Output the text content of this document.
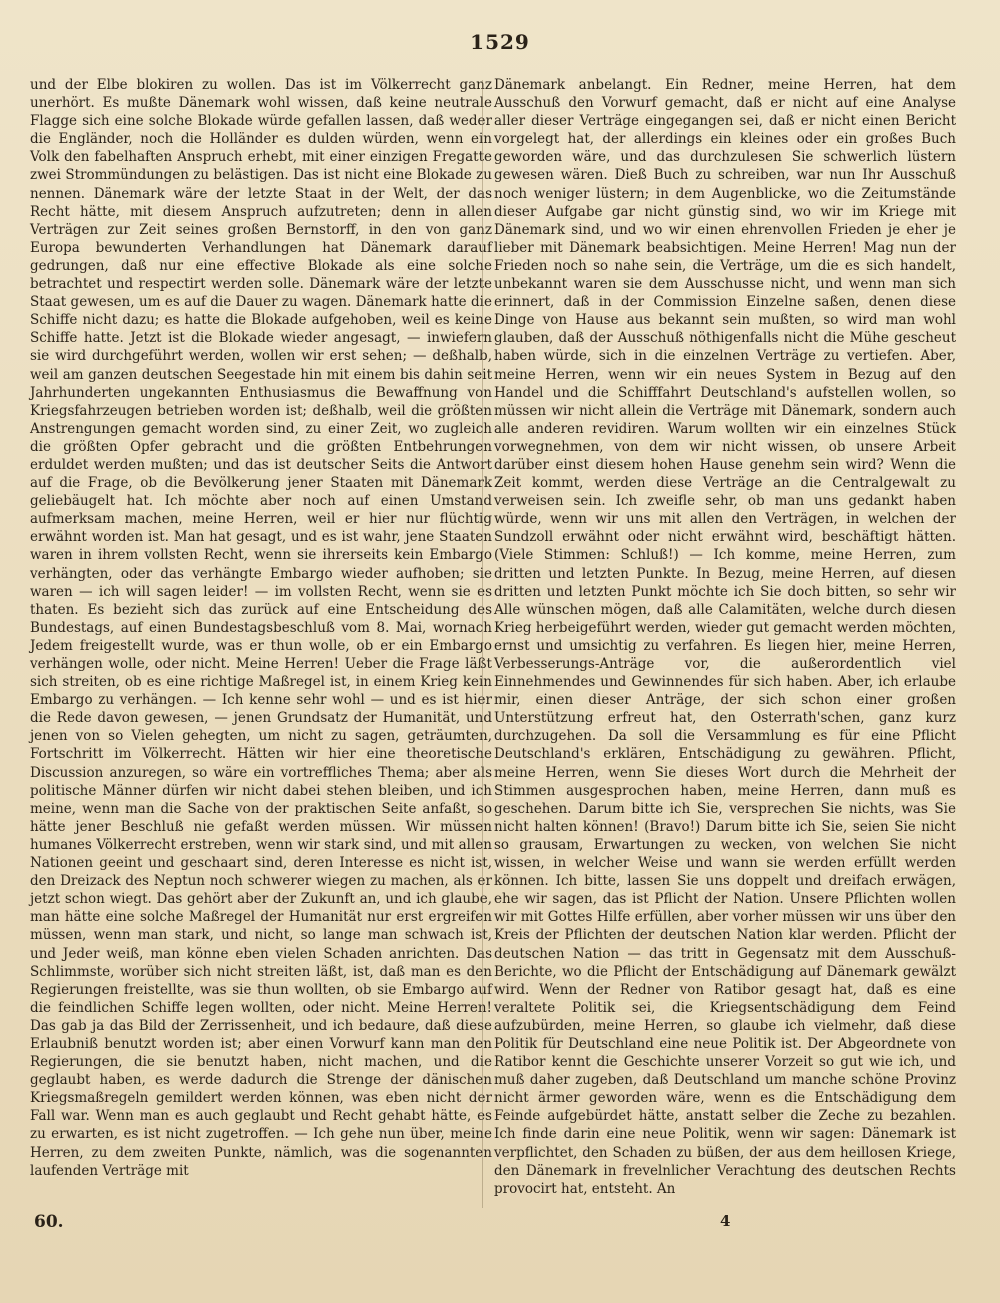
1529

und der Elbe blokiren zu wollen. Das ist im Völkerrecht ganz unerhört. Es mußte Dänemark wohl wissen, daß keine neutrale Flagge sich eine solche Blokade würde gefallen lassen, daß weder die Engländer, noch die Holländer es dulden würden, wenn ein Volk den fabelhaften Anspruch erhebt, mit einer einzigen Fregatte zwei Strommündungen zu belästigen. Das ist nicht eine Blokade zu nennen. Dänemark wäre der letzte Staat in der Welt, der das Recht hätte, mit diesem Anspruch aufzutreten; denn in allen Verträgen zur Zeit seines großen Bernstorff, in den von ganz Europa bewunderten Verhandlungen hat Dänemark darauf gedrungen, daß nur eine effective Blokade als eine solche betrachtet und respectirt werden solle. Dänemark wäre der letzte Staat gewesen, um es auf die Dauer zu wagen. Dänemark hatte die Schiffe nicht dazu; es hatte die Blokade aufgehoben, weil es keine Schiffe hatte. Jetzt ist die Blokade wieder angesagt, — inwiefern sie wird durchgeführt werden, wollen wir erst sehen; — deßhalb, weil am ganzen deutschen Seegestade hin mit einem bis dahin seit Jahrhunderten ungekannten Enthusiasmus die Bewaffnung von Kriegsfahrzeugen betrieben worden ist; deßhalb, weil die größten Anstrengungen gemacht worden sind, zu einer Zeit, wo zugleich die größten Opfer gebracht und die größten Entbehrungen erduldet werden mußten; und das ist deutscher Seits die Antwort auf die Frage, ob die Bevölkerung jener Staaten mit Dänemark geliebäugelt hat. Ich möchte aber noch auf einen Umstand aufmerksam machen, meine Herren, weil er hier nur flüchtig erwähnt worden ist. Man hat gesagt, und es ist wahr, jene Staaten waren in ihrem vollsten Recht, wenn sie ihrerseits kein Embargo verhängten, oder das verhängte Embargo wieder aufhoben; sie waren — ich will sagen leider! — im vollsten Recht, wenn sie es thaten. Es bezieht sich das zurück auf eine Entscheidung des Bundestags, auf einen Bundestagsbeschluß vom 8. Mai, wornach Jedem freigestellt wurde, was er thun wolle, ob er ein Embargo verhängen wolle, oder nicht. Meine Herren! Ueber die Frage läßt sich streiten, ob es eine richtige Maßregel ist, in einem Krieg kein Embargo zu verhängen. — Ich kenne sehr wohl — und es ist hier die Rede davon gewesen, — jenen Grundsatz der Humanität, und jenen von so Vielen gehegten, um nicht zu sagen, geträumten, Fortschritt im Völkerrecht. Hätten wir hier eine theoretische Discussion anzuregen, so wäre ein vortreffliches Thema; aber als politische Männer dürfen wir nicht dabei stehen bleiben, und ich meine, wenn man die Sache von der praktischen Seite anfaßt, so hätte jener Beschluß nie gefaßt werden müssen. Wir müssen humanes Völkerrecht erstreben, wenn wir stark sind, und mit allen Nationen geeint und geschaart sind, deren Interesse es nicht ist, den Dreizack des Neptun noch schwerer wiegen zu machen, als er jetzt schon wiegt. Das gehört aber der Zukunft an, und ich glaube, man hätte eine solche Maßregel der Humanität nur erst ergreifen müssen, wenn man stark, und nicht, so lange man schwach ist, und Jeder weiß, man könne eben vielen Schaden anrichten. Das Schlimmste, worüber sich nicht streiten läßt, ist, daß man es den Regierungen freistellte, was sie thun wollten, ob sie Embargo auf die feindlichen Schiffe legen wollten, oder nicht. Meine Herren! Das gab ja das Bild der Zerrissenheit, und ich bedaure, daß diese Erlaubniß benutzt worden ist; aber einen Vorwurf kann man den Regierungen, die sie benutzt haben, nicht machen, und die geglaubt haben, es werde dadurch die Strenge der dänischen Kriegsmaßregeln gemildert werden können, was eben nicht der Fall war. Wenn man es auch geglaubt und Recht gehabt hätte, es zu erwarten, es ist nicht zugetroffen. — Ich gehe nun über, meine Herren, zu dem zweiten Punkte, nämlich, was die sogenannten laufenden Verträge mit

Dänemark anbelangt. Ein Redner, meine Herren, hat dem Ausschuß den Vorwurf gemacht, daß er nicht auf eine Analyse aller dieser Verträge eingegangen sei, daß er nicht einen Bericht vorgelegt hat, der allerdings ein kleines oder ein großes Buch geworden wäre, und das durchzulesen Sie schwerlich lüstern gewesen wären. Dieß Buch zu schreiben, war nun Ihr Ausschuß noch weniger lüstern; in dem Augenblicke, wo die Zeitumstände dieser Aufgabe gar nicht günstig sind, wo wir im Kriege mit Dänemark sind, und wo wir einen ehrenvollen Frieden je eher je lieber mit Dänemark beabsichtigen. Meine Herren! Mag nun der Frieden noch so nahe sein, die Verträge, um die es sich handelt, unbekannt waren sie dem Ausschusse nicht, und wenn man sich erinnert, daß in der Commission Einzelne saßen, denen diese Dinge von Hause aus bekannt sein mußten, so wird man wohl glauben, daß der Ausschuß nöthigenfalls nicht die Mühe gescheut haben würde, sich in die einzelnen Verträge zu vertiefen. Aber, meine Herren, wenn wir ein neues System in Bezug auf den Handel und die Schifffahrt Deutschland's aufstellen wollen, so müssen wir nicht allein die Verträge mit Dänemark, sondern auch alle anderen revidiren. Warum wollten wir ein einzelnes Stück vorwegnehmen, von dem wir nicht wissen, ob unsere Arbeit darüber einst diesem hohen Hause genehm sein wird? Wenn die Zeit kommt, werden diese Verträge an die Centralgewalt zu verweisen sein. Ich zweifle sehr, ob man uns gedankt haben würde, wenn wir uns mit allen den Verträgen, in welchen der Sundzoll erwähnt oder nicht erwähnt wird, beschäftigt hätten. (Viele Stimmen: Schluß!) — Ich komme, meine Herren, zum dritten und letzten Punkte. In Bezug, meine Herren, auf diesen dritten und letzten Punkt möchte ich Sie doch bitten, so sehr wir Alle wünschen mögen, daß alle Calamitäten, welche durch diesen Krieg herbeigeführt werden, wieder gut gemacht werden möchten, ernst und umsichtig zu verfahren. Es liegen hier, meine Herren, Verbesserungs-Anträge vor, die außerordentlich viel Einnehmendes und Gewinnendes für sich haben. Aber, ich erlaube mir, einen dieser Anträge, der sich schon einer großen Unterstützung erfreut hat, den Osterrath'schen, ganz kurz durchzugehen. Da soll die Versammlung es für eine Pflicht Deutschland's erklären, Entschädigung zu gewähren. Pflicht, meine Herren, wenn Sie dieses Wort durch die Mehrheit der Stimmen ausgesprochen haben, meine Herren, dann muß es geschehen. Darum bitte ich Sie, versprechen Sie nichts, was Sie nicht halten können! (Bravo!) Darum bitte ich Sie, seien Sie nicht so grausam, Erwartungen zu wecken, von welchen Sie nicht wissen, in welcher Weise und wann sie werden erfüllt werden können. Ich bitte, lassen Sie uns doppelt und dreifach erwägen, ehe wir sagen, das ist Pflicht der Nation. Unsere Pflichten wollen wir mit Gottes Hilfe erfüllen, aber vorher müssen wir uns über den Kreis der Pflichten der deutschen Nation klar werden. Pflicht der deutschen Nation — das tritt in Gegensatz mit dem Ausschuß-Berichte, wo die Pflicht der Entschädigung auf Dänemark gewälzt wird. Wenn der Redner von Ratibor gesagt hat, daß es eine veraltete Politik sei, die Kriegsentschädigung dem Feind aufzubürden, meine Herren, so glaube ich vielmehr, daß diese Politik für Deutschland eine neue Politik ist. Der Abgeordnete von Ratibor kennt die Geschichte unserer Vorzeit so gut wie ich, und muß daher zugeben, daß Deutschland um manche schöne Provinz nicht ärmer geworden wäre, wenn es die Entschädigung dem Feinde aufgebürdet hätte, anstatt selber die Zeche zu bezahlen. Ich finde darin eine neue Politik, wenn wir sagen: Dänemark ist verpflichtet, den Schaden zu büßen, der aus dem heillosen Kriege, den Dänemark in frevelnlicher Verachtung des deutschen Rechts provocirt hat, entsteht. An

60.	4
